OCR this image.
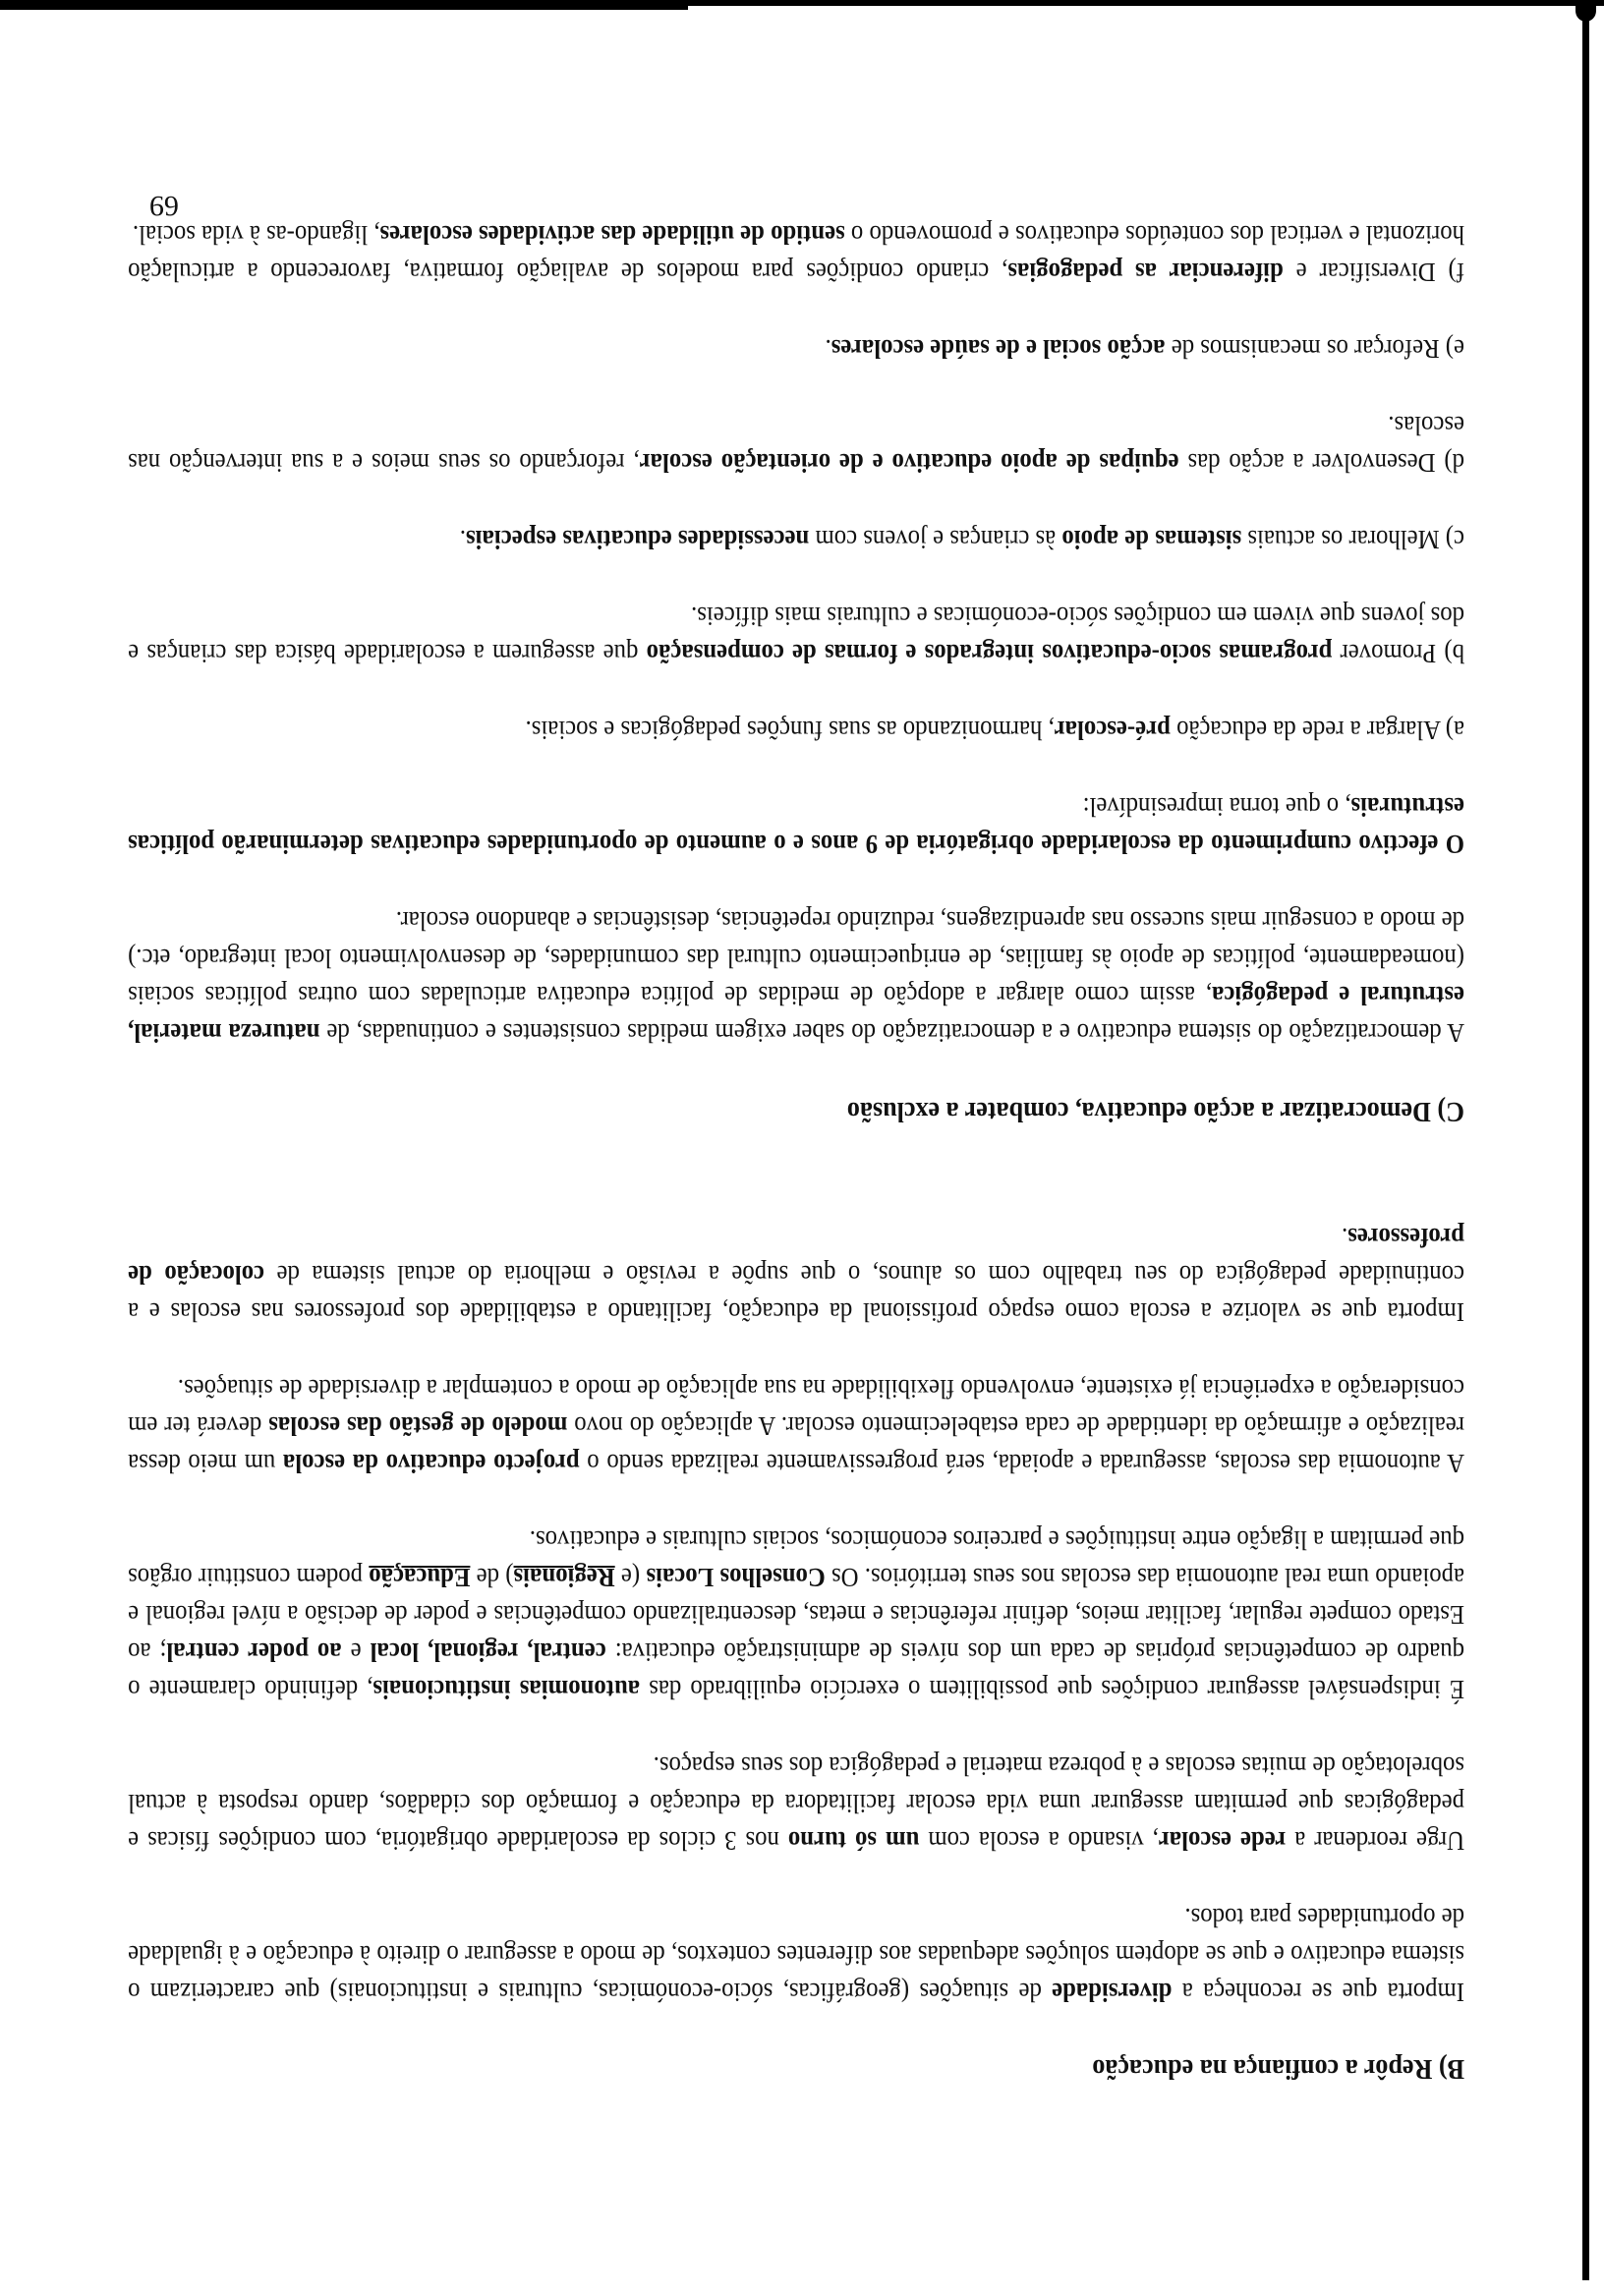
B) Repôr a confiança na educação

Importa que se reconheça a diversidade de situações (geográficas, sócio-económicas, culturais e institucionais) que caracterizam o sistema educativo e que se adoptem soluções adequadas aos diferentes contextos, de modo a assegurar o direito à educação e à igualdade de oportunidades para todos.

Urge reordenar a rede escolar, visando a escola com um só turno nos 3 ciclos da escolaridade obrigatória, com condições físicas e pedagógicas que permitam assegurar uma vida escolar facilitadora da educação e formação dos cidadãos, dando resposta à actual sobrelotação de muitas escolas e à pobreza material e pedagógica dos seus espaços.

É indispensável assegurar condições que possibilitem o exercício equilibrado das autonomias institucionais, definindo claramente o quadro de competências próprias de cada um dos níveis de administração educativa: central, regional, local e ao poder central; ao Estado compete regular, facilitar meios, definir referências e metas, descentralizando competências e poder de decisão a nível regional e apoiando uma real autonomia das escolas nos seus territórios. Os Conselhos Locais (e Regionais) de Educação podem constituir orgãos que permitam a ligação entre instituições e parceiros económicos, sociais culturais e educativos.

A autonomia das escolas, assegurada e apoiada, será progressivamente realizada sendo o projecto educativo da escola um meio dessa realização e afirmação da identidade de cada estabelecimento escolar. A aplicação do novo modelo de gestão das escolas deverá ter em consideração a experiência já existente, envolvendo flexibilidade na sua aplicação de modo a contemplar a diversidade de situações.

Importa que se valorize a escola como espaço profissional da educação, facilitando a estabilidade dos professores nas escolas e a continuidade pedagógica do seu trabalho com os alunos, o que supõe a revisão e melhoria do actual sistema de colocação de professores.

C) Democratizar a acção educativa, combater a exclusão

A democratização do sistema educativo e a democratização do saber exigem medidas consistentes e continuadas, de natureza material, estrutural e pedagógica, assim como alargar a adopção de medidas de política educativa articuladas com outras políticas sociais (nomeadamente, políticas de apoio às famílias, de enriquecimento cultural das comunidades, de desenvolvimento local integrado, etc.) de modo a conseguir mais sucesso nas aprendizagens, reduzindo repetências, desistências e abandono escolar.

O efectivo cumprimento da escolaridade obrigatória de 9 anos e o aumento de oportunidades educativas determinarão políticas estruturais, o que torna impresindível:

a) Alargar a rede da educação pré-escolar, harmonizando as suas funções pedagógicas e sociais.

b) Promover programas socio-educativos integrados e formas de compensação que assegurem a escolaridade básica das crianças e dos jovens que vivem em condições sócio-económicas e culturais mais difíceis.

c) Melhorar os actuais sistemas de apoio às crianças e jovens com necessidades educativas especiais.

d) Desenvolver a acção das equipas de apoio educativo e de orientação escolar, reforçando os seus meios e a sua intervenção nas escolas.

e) Reforçar os mecanismos de acção social e de saúde escolares.

f) Diversificar e diferenciar as pedagogias, criando condições para modelos de avaliação formativa, favorecendo a articulação horizontal e vertical dos conteúdos educativos e promovendo o sentido de utilidade das actividades escolares, ligando-as à vida social.

69
